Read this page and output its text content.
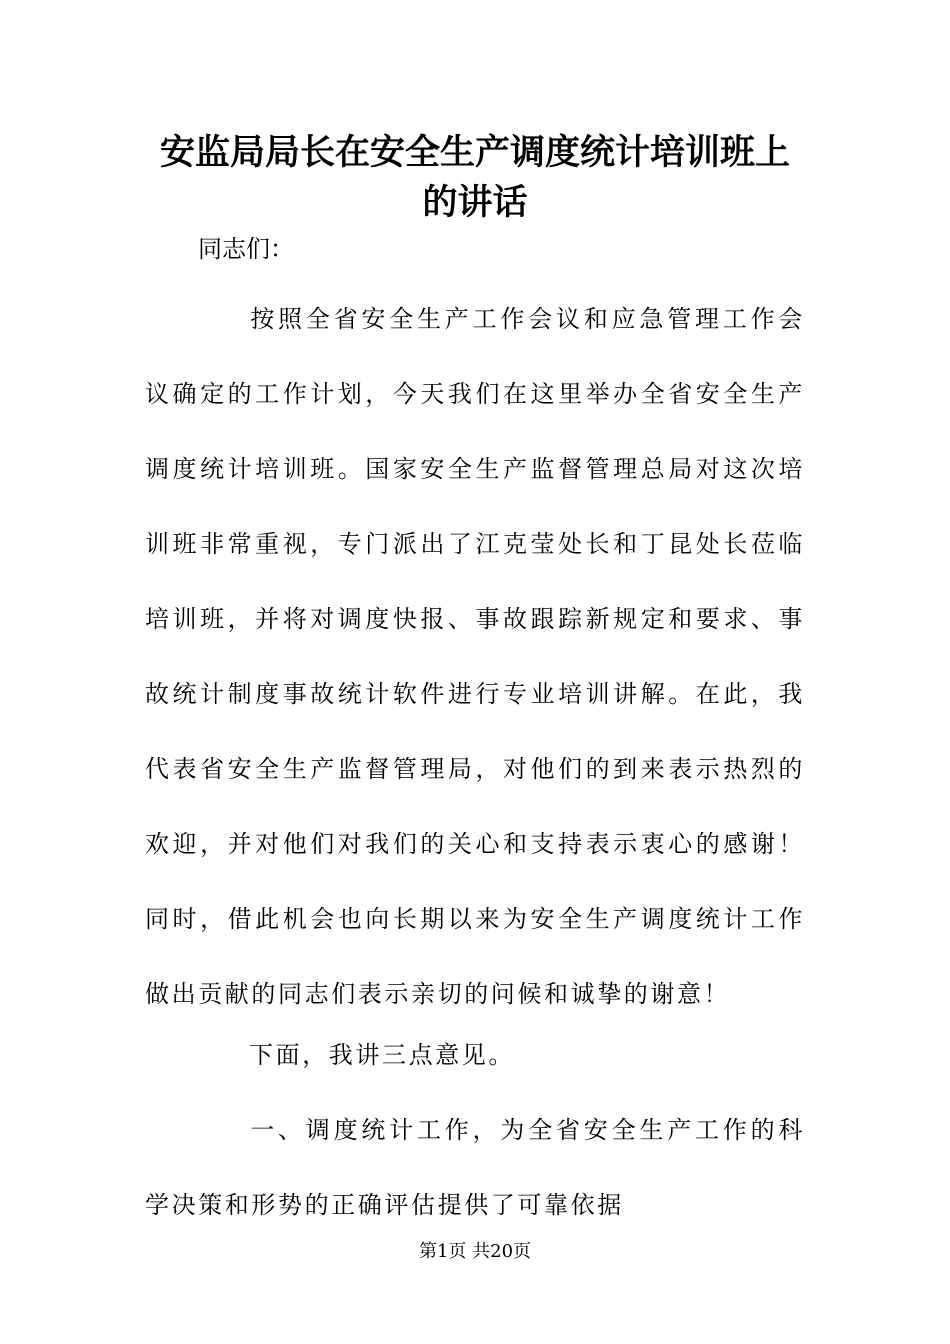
安监局局长在安全生产调度统计培训班上
的讲话

同志们：

按照全省安全生产工作会议和应急管理工作会议确定的工作计划，今天我们在这里举办全省安全生产调度统计培训班。国家安全生产监督管理总局对这次培训班非常重视，专门派出了江克莹处长和丁昆处长莅临培训班，并将对调度快报、事故跟踪新规定和要求、事故统计制度事故统计软件进行专业培训讲解。在此，我代表省安全生产监督管理局，对他们的到来表示热烈的欢迎，并对他们对我们的关心和支持表示衷心的感谢！同时，借此机会也向长期以来为安全生产调度统计工作做出贡献的同志们表示亲切的问候和诚挚的谢意！

下面，我讲三点意见。

一、调度统计工作，为全省安全生产工作的科学决策和形势的正确评估提供了可靠依据

第1页 共20页
